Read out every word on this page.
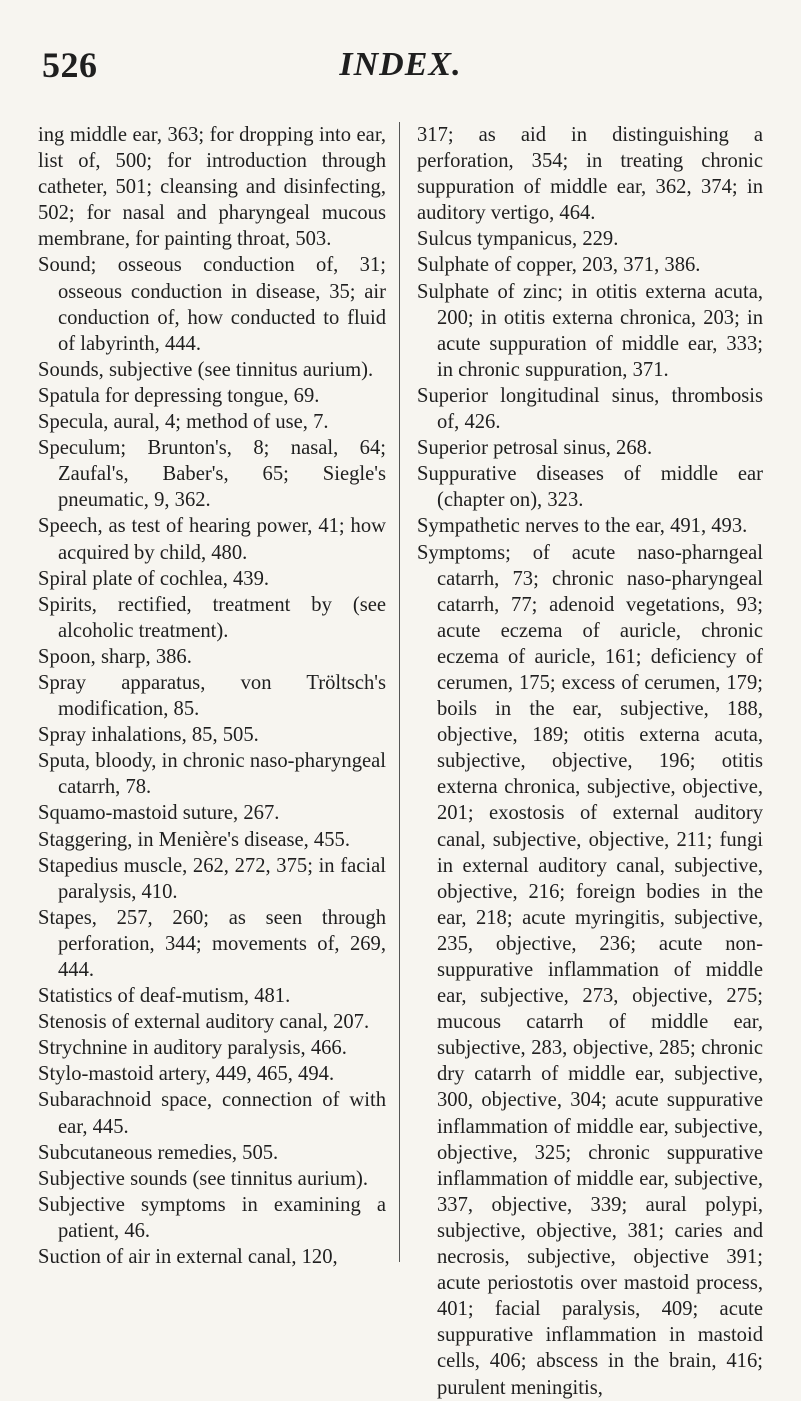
526	INDEX.
ing middle ear, 363; for dropping into ear, list of, 500; for introduction through catheter, 501; cleansing and disinfecting, 502; for nasal and pharyngeal mucous membrane, for painting throat, 503.
Sound; osseous conduction of, 31; osseous conduction in disease, 35; air conduction of, how conducted to fluid of labyrinth, 444.
Sounds, subjective (see tinnitus aurium).
Spatula for depressing tongue, 69.
Specula, aural, 4; method of use, 7.
Speculum; Brunton's, 8; nasal, 64; Zaufal's, Baber's, 65; Siegle's pneumatic, 9, 362.
Speech, as test of hearing power, 41; how acquired by child, 480.
Spiral plate of cochlea, 439.
Spirits, rectified, treatment by (see alcoholic treatment).
Spoon, sharp, 386.
Spray apparatus, von Tröltsch's modification, 85.
Spray inhalations, 85, 505.
Sputa, bloody, in chronic naso-pharyngeal catarrh, 78.
Squamo-mastoid suture, 267.
Staggering, in Menière's disease, 455.
Stapedius muscle, 262, 272, 375; in facial paralysis, 410.
Stapes, 257, 260; as seen through perforation, 344; movements of, 269, 444.
Statistics of deaf-mutism, 481.
Stenosis of external auditory canal, 207.
Strychnine in auditory paralysis, 466.
Stylo-mastoid artery, 449, 465, 494.
Subarachnoid space, connection of with ear, 445.
Subcutaneous remedies, 505.
Subjective sounds (see tinnitus aurium).
Subjective symptoms in examining a patient, 46.
Suction of air in external canal, 120,
317; as aid in distinguishing a perforation, 354; in treating chronic suppuration of middle ear, 362, 374; in auditory vertigo, 464.
Sulcus tympanicus, 229.
Sulphate of copper, 203, 371, 386.
Sulphate of zinc; in otitis externa acuta, 200; in otitis externa chronica, 203; in acute suppuration of middle ear, 333; in chronic suppuration, 371.
Superior longitudinal sinus, thrombosis of, 426.
Superior petrosal sinus, 268.
Suppurative diseases of middle ear (chapter on), 323.
Sympathetic nerves to the ear, 491, 493.
Symptoms; of acute naso-pharngeal catarrh, 73; chronic naso-pharyngeal catarrh, 77; adenoid vegetations, 93; acute eczema of auricle, chronic eczema of auricle, 161; deficiency of cerumen, 175; excess of cerumen, 179; boils in the ear, subjective, 188, objective, 189; otitis externa acuta, subjective, objective, 196; otitis externa chronica, subjective, objective, 201; exostosis of external auditory canal, subjective, objective, 211; fungi in external auditory canal, subjective, objective, 216; foreign bodies in the ear, 218; acute myringitis, subjective, 235, objective, 236; acute non-suppurative inflammation of middle ear, subjective, 273, objective, 275; mucous catarrh of middle ear, subjective, 283, objective, 285; chronic dry catarrh of middle ear, subjective, 300, objective, 304; acute suppurative inflammation of middle ear, subjective, objective, 325; chronic suppurative inflammation of middle ear, subjective, 337, objective, 339; aural polypi, subjective, objective, 381; caries and necrosis, subjective, objective 391; acute periostotis over mastoid process, 401; facial paralysis, 409; acute suppurative inflammation in mastoid cells, 406; abscess in the brain, 416; purulent meningitis,
